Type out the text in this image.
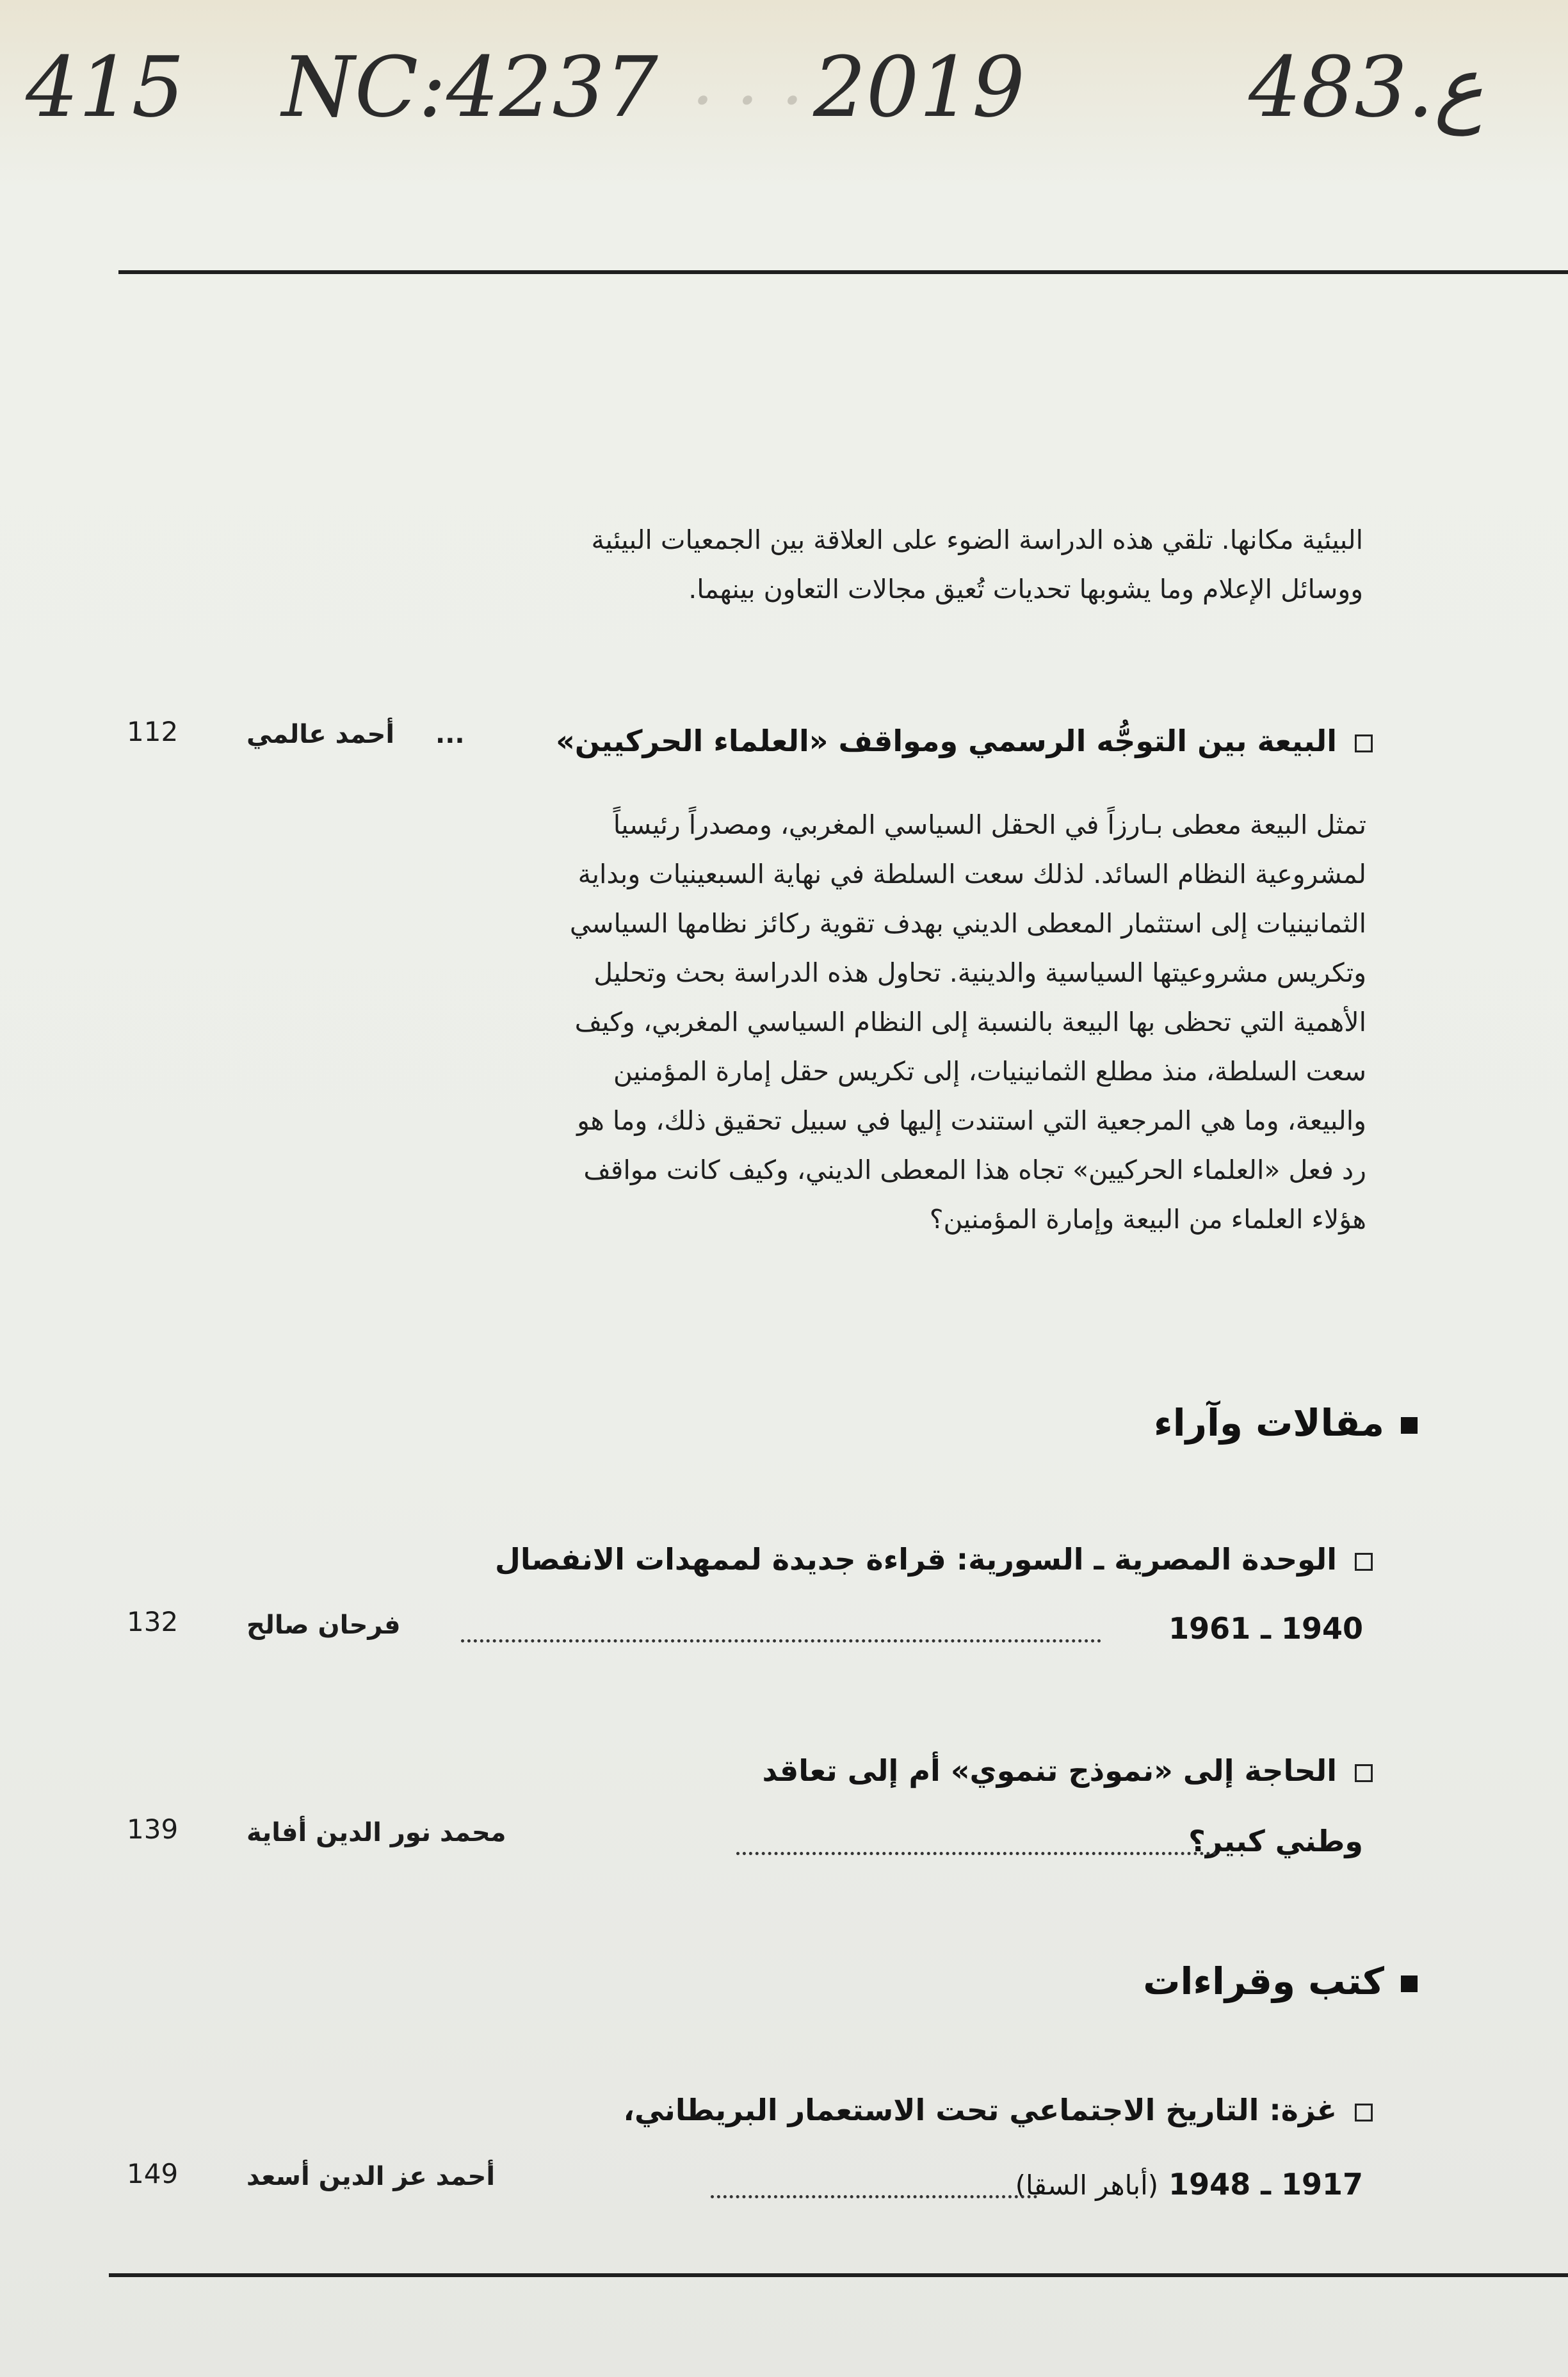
415 NC:4237 . . . 2019	483.ع
البيئية مكانها. تلقي هذه الدراسة الضوء على العلاقة بين الجمعيات البيئية
ووسائل الإعلام وما يشوبها تحديات تُعيق مجالات التعاون بينهما.
البيعة بين التوجُّه الرسمي ومواقف «العلماء الحركيين»
...
أحمد عالمي
112
تمثل البيعة معطى بـارزاً في الحقل السياسي المغربي، ومصدراً رئيسياً
لمشروعية النظام السائد. لذلك سعت السلطة في نهاية السبعينيات وبداية
الثمانينيات إلى استثمار المعطى الديني بهدف تقوية ركائز نظامها السياسي
وتكريس مشروعيتها السياسية والدينية. تحاول هذه الدراسة بحث وتحليل
الأهمية التي تحظى بها البيعة بالنسبة إلى النظام السياسي المغربي، وكيف
سعت السلطة، منذ مطلع الثمانينيات، إلى تكريس حقل إمارة المؤمنين
والبيعة، وما هي المرجعية التي استندت إليها في سبيل تحقيق ذلك، وما هو
رد فعل «العلماء الحركيين» تجاه هذا المعطى الديني، وكيف كانت مواقف
هؤلاء العلماء من البيعة وإمارة المؤمنين؟
مقالات وآراء
الوحدة المصرية ـ السورية: قراءة جديدة لممهدات الانفصال
1940 ـ 1961
فرحان صالح
132
الحاجة إلى «نموذج تنموي» أم إلى تعاقد
وطني كبير؟
محمد نور الدين أفاية
139
كتب وقراءات
غزة: التاريخ الاجتماعي تحت الاستعمار البريطاني،
1917 ـ 1948 (أباهر السقا)
أحمد عز الدين أسعد
149
